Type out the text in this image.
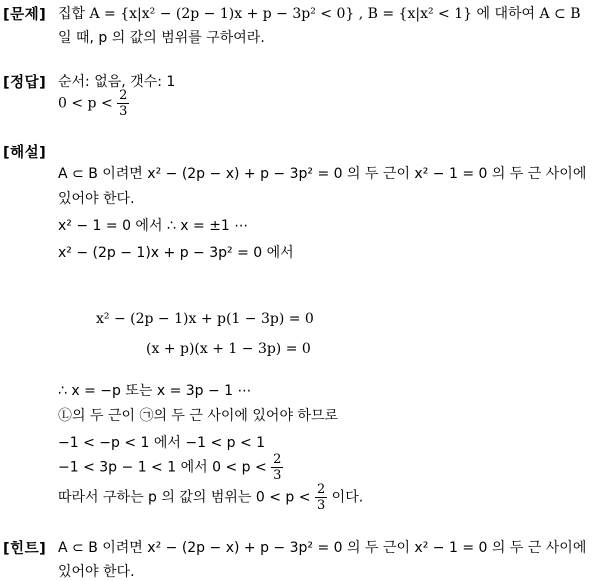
[문제] 집합 A = {x|x² − (2p − 1)x + p − 3p² < 0} , B = {x|x² < 1} 에 대하여 A ⊂ B
일 때, p 의 값의 범위를 구하여라.
[정답] 순서: 없음, 갯수: 1
$0 < p < \frac{2}{3}$
[해설]
A ⊂ B 이려면 x² − (2p − x) + p − 3p² = 0 의 두 근이 x² − 1 = 0 의 두 근 사이에
있어야 한다.
x² − 1 = 0 에서 ∴ x = ±1 ⋯
x² − (2p − 1)x + p − 3p² = 0 에서
x² − (2p − 1)x + p(1 − 3p) = 0
(x + p)(x + 1 − 3p) = 0
∴ x = −p 또는 x = 3p − 1 ⋯
Ⓛ의 두 근이 ㉠의 두 근 사이에 있어야 하므로
−1 < −p < 1 에서 −1 < p < 1
−1 < 3p − 1 < 1 에서 $0 < p < \frac{2}{3}$
따라서 구하는 p 의 값의 범위는 $0 < p < \frac{2}{3}$ 이다.
[힌트] A ⊂ B 이려면 x² − (2p − x) + p − 3p² = 0 의 두 근이 x² − 1 = 0 의 두 근 사이에
있어야 한다.
